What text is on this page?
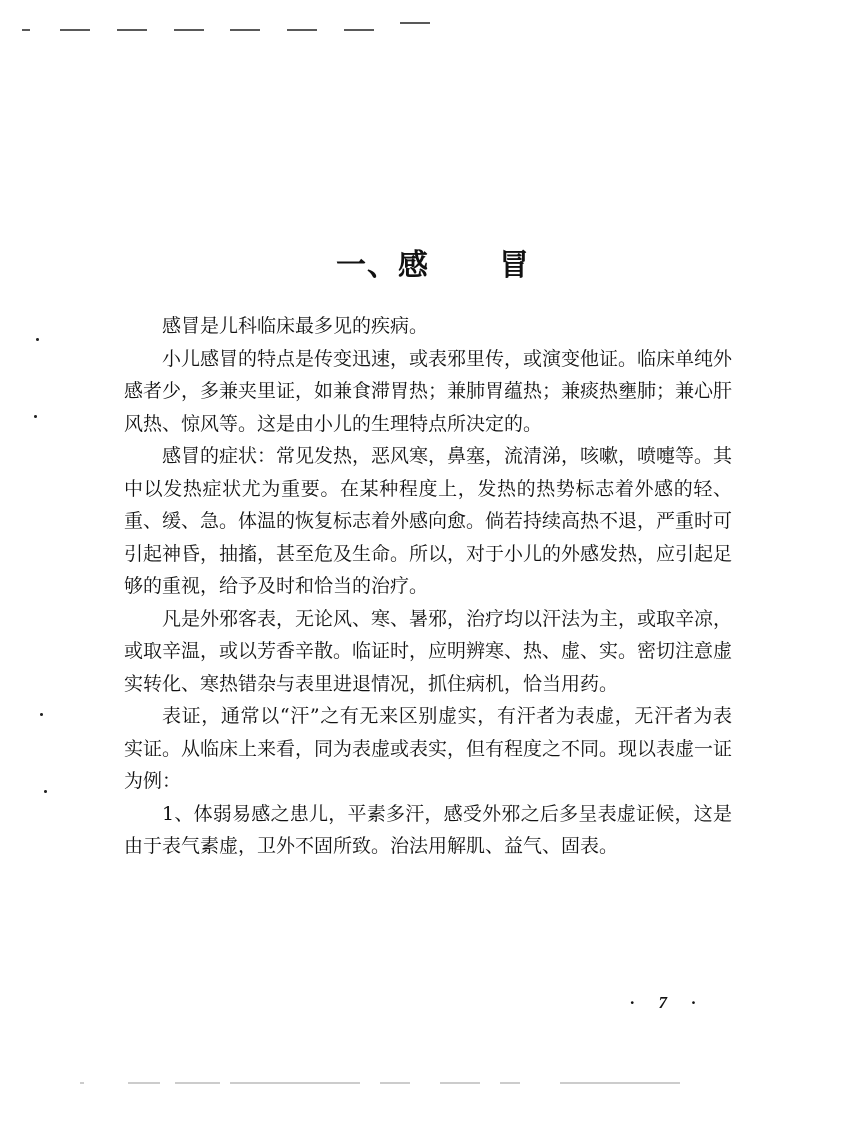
一、感 冒

感冒是儿科临床最多见的疾病。

小儿感冒的特点是传变迅速，或表邪里传，或演变他证。临床单纯外感者少，多兼夹里证，如兼食滞胃热；兼肺胃蕴热；兼痰热壅肺；兼心肝风热、惊风等。这是由小儿的生理特点所决定的。

感冒的症状：常见发热，恶风寒，鼻塞，流清涕，咳嗽，喷嚏等。其中以发热症状尤为重要。在某种程度上，发热的热势标志着外感的轻、重、缓、急。体温的恢复标志着外感向愈。倘若持续高热不退，严重时可引起神昏，抽搐，甚至危及生命。所以，对于小儿的外感发热，应引起足够的重视，给予及时和恰当的治疗。

凡是外邪客表，无论风、寒、暑邪，治疗均以汗法为主，或取辛凉，或取辛温，或以芳香辛散。临证时，应明辨寒、热、虚、实。密切注意虚实转化、寒热错杂与表里进退情况，抓住病机，恰当用药。

表证，通常以“汗”之有无来区别虚实，有汗者为表虚，无汗者为表实证。从临床上来看，同为表虚或表实，但有程度之不同。现以表虚一证为例：

1、体弱易感之患儿，平素多汗，感受外邪之后多呈表虚证候，这是由于表气素虚，卫外不固所致。治法用解肌、益气、固表。

· 7 ·
